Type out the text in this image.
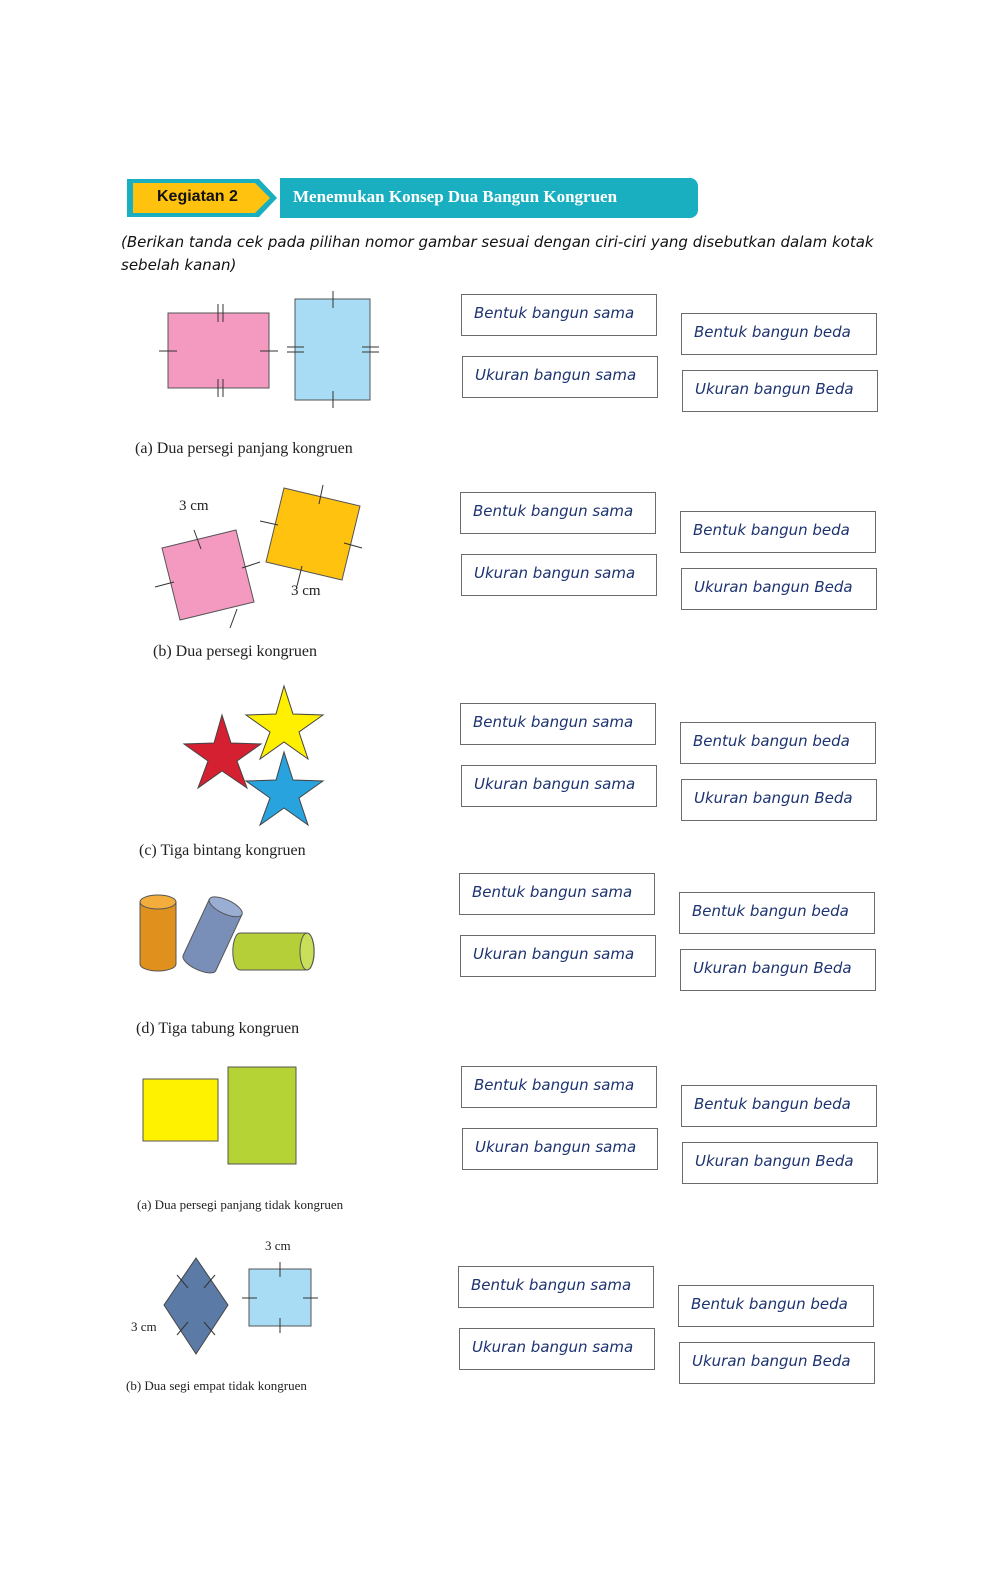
Kegiatan 2	Menemukan Konsep Dua Bangun Kongruen
(Berikan tanda cek pada pilihan nomor gambar sesuai dengan ciri-ciri yang disebutkan dalam kotak sebelah kanan)
(a) Dua persegi panjang kongruen
Bentuk bangun sama
Ukuran bangun sama
Bentuk bangun beda
Ukuran bangun Beda
3 cm
3 cm
(b) Dua persegi kongruen
Bentuk bangun sama
Ukuran bangun sama
Bentuk bangun beda
Ukuran bangun Beda
(c) Tiga bintang kongruen
Bentuk bangun sama
Ukuran bangun sama
Bentuk bangun beda
Ukuran bangun Beda
(d) Tiga tabung kongruen
Bentuk bangun sama
Ukuran bangun sama
Bentuk bangun beda
Ukuran bangun Beda
(a) Dua persegi panjang tidak kongruen
Bentuk bangun sama
Ukuran bangun sama
Bentuk bangun beda
Ukuran bangun Beda
3 cm
3 cm
(b) Dua segi empat tidak kongruen
Bentuk bangun sama
Ukuran bangun sama
Bentuk bangun beda
Ukuran bangun Beda
